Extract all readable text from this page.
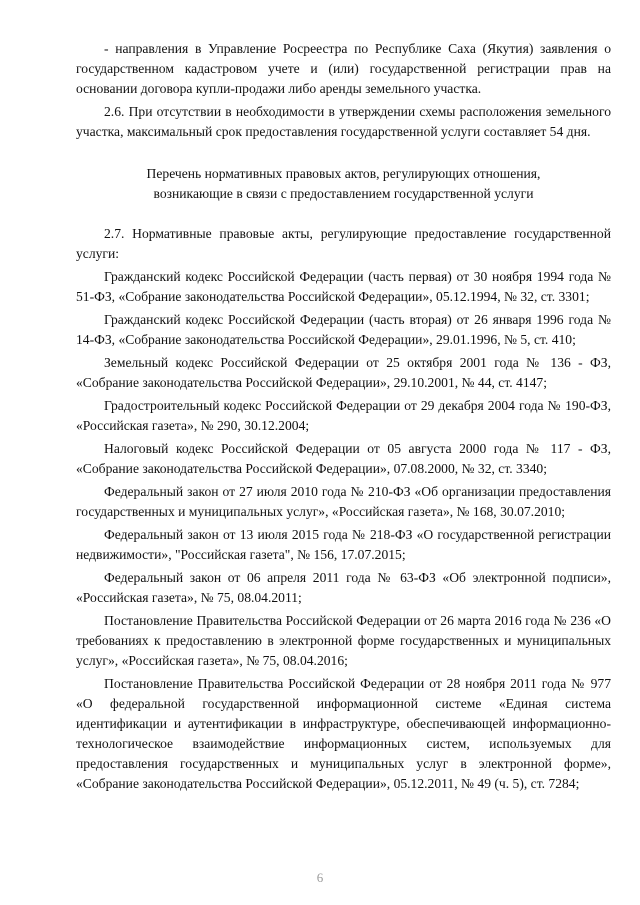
- направления в Управление Росреестра по Республике Саха (Якутия) заявления о государственном кадастровом учете и (или) государственной регистрации прав на основании договора купли-продажи либо аренды земельного участка.

2.6. При отсутствии в необходимости в утверждении схемы расположения земельного участка, максимальный срок предоставления государственной услуги составляет 54 дня.

Перечень нормативных правовых актов, регулирующих отношения,
возникающие в связи с предоставлением государственной услуги

2.7. Нормативные правовые акты, регулирующие предоставление государственной услуги:

Гражданский кодекс Российской Федерации (часть первая) от 30 ноября 1994 года № 51-ФЗ, «Собрание законодательства Российской Федерации», 05.12.1994, № 32, ст. 3301;

Гражданский кодекс Российской Федерации (часть вторая) от 26 января 1996 года № 14-ФЗ, «Собрание законодательства Российской Федерации», 29.01.1996, № 5, ст. 410;

Земельный кодекс Российской Федерации от 25 октября 2001 года № 136 - ФЗ, «Собрание законодательства Российской Федерации», 29.10.2001, № 44, ст. 4147;

Градостроительный кодекс Российской Федерации от 29 декабря 2004 года № 190-ФЗ, «Российская газета», № 290, 30.12.2004;

Налоговый кодекс Российской Федерации от 05 августа 2000 года № 117 - ФЗ, «Собрание законодательства Российской Федерации», 07.08.2000, № 32, ст. 3340;

Федеральный закон от 27 июля 2010 года № 210-ФЗ «Об организации предоставления государственных и муниципальных услуг», «Российская газета», № 168, 30.07.2010;

Федеральный закон от 13 июля 2015 года № 218-ФЗ «О государственной регистрации недвижимости», "Российская газета", № 156, 17.07.2015;

Федеральный закон от 06 апреля 2011 года № 63-ФЗ «Об электронной подписи», «Российская газета», № 75, 08.04.2011;

Постановление Правительства Российской Федерации от 26 марта 2016 года № 236 «О требованиях к предоставлению в электронной форме государственных и муниципальных услуг», «Российская газета», № 75, 08.04.2016;

Постановление Правительства Российской Федерации от 28 ноября 2011 года № 977 «О федеральной государственной информационной системе «Единая система идентификации и аутентификации в инфраструктуре, обеспечивающей информационно-технологическое взаимодействие информационных систем, используемых для предоставления государственных и муниципальных услуг в электронной форме», «Собрание законодательства Российской Федерации», 05.12.2011, № 49 (ч. 5), ст. 7284;

6
